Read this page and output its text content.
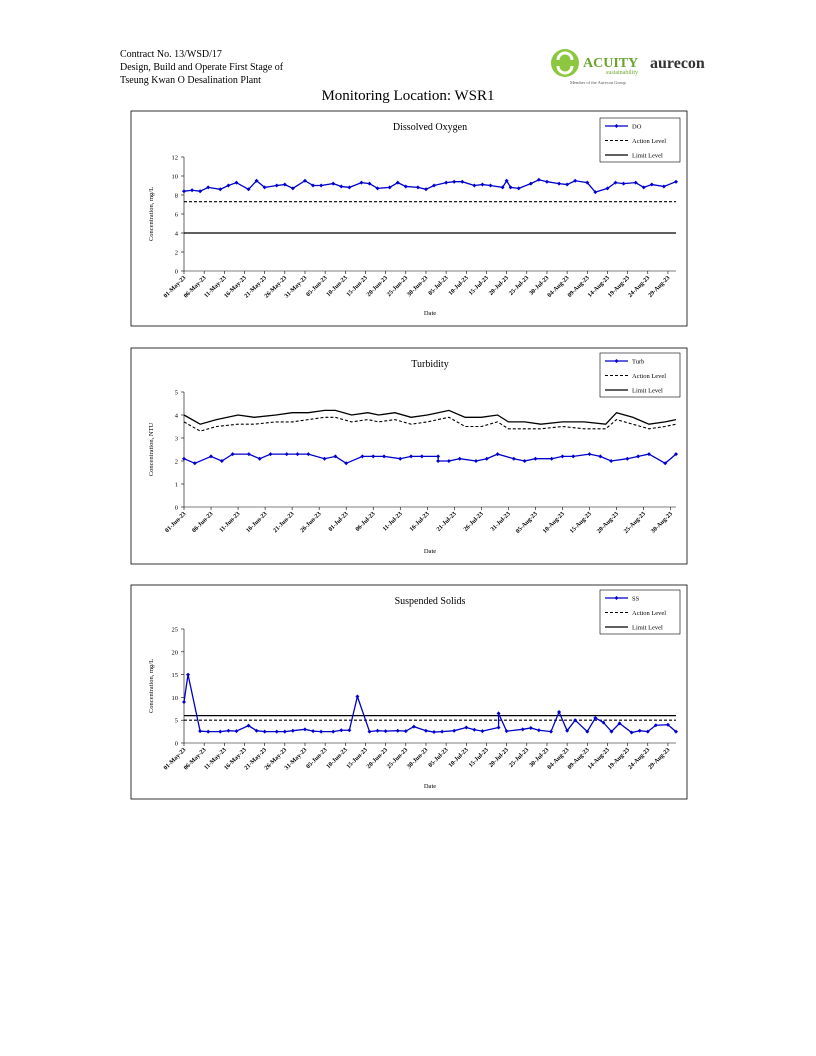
Contract No. 13/WSD/17
Design, Build and Operate First Stage of
Tseung Kwan O Desalination Plant
ACUITY
sustainability
Member of the Aurecon Group
aurecon
Monitoring Location: WSR1
Dissolved Oxygen
0
2
4
6
8
10
12
Concentration, mg/L
01-May-23
06-May-23
11-May-23
16-May-23
21-May-23
26-May-23
31-May-23
05-Jun-23
10-Jun-23
15-Jun-23
20-Jun-23
25-Jun-23
30-Jun-23
05-Jul-23
10-Jul-23
15-Jul-23
20-Jul-23
25-Jul-23
30-Jul-23
04-Aug-23
09-Aug-23
14-Aug-23
19-Aug-23
24-Aug-23
29-Aug-23
Date
DO
Action Level
Limit Level
Turbidity
0
1
2
3
4
5
Concentration, NTU
01-Jun-23 06-Jun-23 11-Jun-23 16-Jun-23 21-Jun-23 26-Jun-23 01-Jul-23 06-Jul-23 11-Jul-23 16-Jul-23 21-Jul-23 26-Jul-23 31-Jul-23 05-Aug-23 10-Aug-23 15-Aug-23 20-Aug-23 25-Aug-23 30-Aug-23
Date
Turb
Action Level
Limit Level
Suspended Solids
0
5
10
15
20
25
Concentration, mg/L
01-May-23
06-May-23
11-May-23
16-May-23
21-May-23
26-May-23
31-May-23
05-Jun-23
10-Jun-23
15-Jun-23
20-Jun-23
25-Jun-23
30-Jun-23
05-Jul-23
10-Jul-23
15-Jul-23
20-Jul-23
25-Jul-23
30-Jul-23
04-Aug-23
09-Aug-23
14-Aug-23
19-Aug-23
24-Aug-23
29-Aug-23
Date
SS
Action Level
Limit Level
